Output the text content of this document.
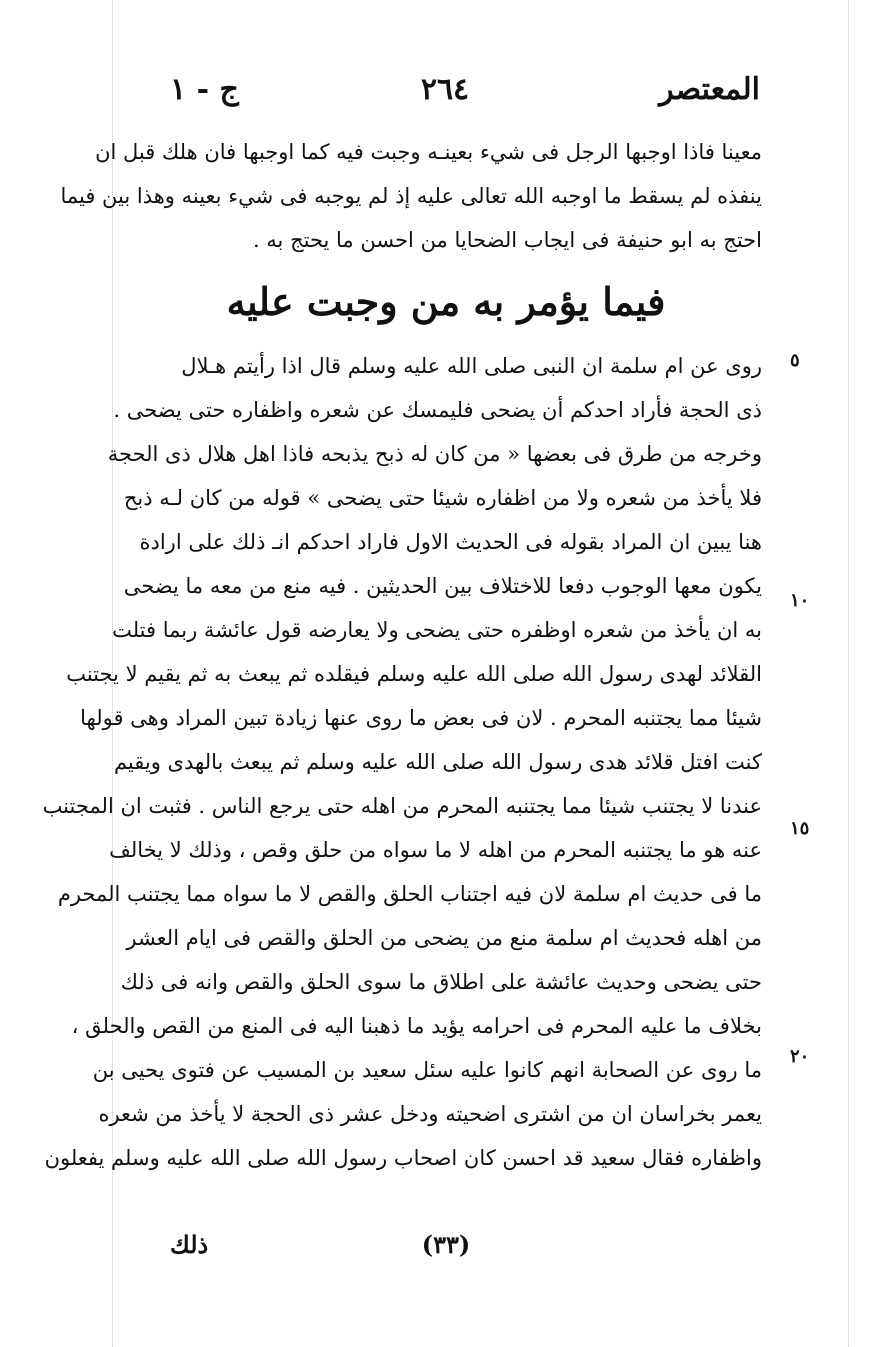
المعتصر
٢٦٤
ج - ١
معينا فاذا اوجبها الرجل فى شيء بعينـه وجبت فيه كما اوجبها فان هلك قبل ان
ينفذه لم يسقط ما اوجبه الله تعالى عليه إذ لم يوجبه فى شيء بعينه وهذا بين فيما
احتج به ابو حنيفة فى ايجاب الضحايا من احسن ما يحتج به .
فيما يؤمر به من وجبت عليه
٥
١٠
١٥
٢٠
روى عن ام سلمة ان النبى صلى الله عليه وسلم قال اذا رأيتم هـلال
ذى الحجة فأراد احدكم أن يضحى فليمسك عن شعره واظفاره حتى يضحى .
وخرجه من طرق فى بعضها « من كان له ذبح يذبحه فاذا اهل هلال ذى الحجة
فلا يأخذ من شعره ولا من اظفاره شيئا حتى يضحى » قوله من كان لـه ذبح
هنا يبين ان المراد بقوله فى الحديث الاول فاراد احدكم انـ ذلك على ارادة
يكون معها الوجوب دفعا للاختلاف بين الحديثين . فيه منع من معه ما يضحى
به ان يأخذ من شعره اوظفره حتى يضحى ولا يعارضه قول عائشة ربما فتلت
القلائد لهدى رسول الله صلى الله عليه وسلم فيقلده ثم يبعث به ثم يقيم لا يجتنب
شيئا مما يجتنبه المحرم . لان فى بعض ما روى عنها زيادة تبين المراد وهى قولها
كنت افتل قلائد هدى رسول الله صلى الله عليه وسلم ثم يبعث بالهدى ويقيم
عندنا لا يجتنب شيئا مما يجتنبه المحرم من اهله حتى يرجع الناس . فثبت ان المجتنب
عنه هو ما يجتنبه المحرم من اهله لا ما سواه من حلق وقص ، وذلك لا يخالف
ما فى حديث ام سلمة لان فيه اجتناب الحلق والقص لا ما سواه مما يجتنب المحرم
من اهله فحديث ام سلمة منع من يضحى من الحلق والقص فى ايام العشر
حتى يضحى وحديث عائشة على اطلاق ما سوى الحلق والقص وانه فى ذلك
بخلاف ما عليه المحرم فى احرامه يؤيد ما ذهبنا اليه فى المنع من القص والحلق ،
ما روى عن الصحابة انهم كانوا عليه سئل سعيد بن المسيب عن فتوى يحيى بن
يعمر بخراسان ان من اشترى اضحيته ودخل عشر ذى الحجة لا يأخذ من شعره
واظفاره فقال سعيد قد احسن كان اصحاب رسول الله صلى الله عليه وسلم يفعلون
(٣٣)
ذلك
